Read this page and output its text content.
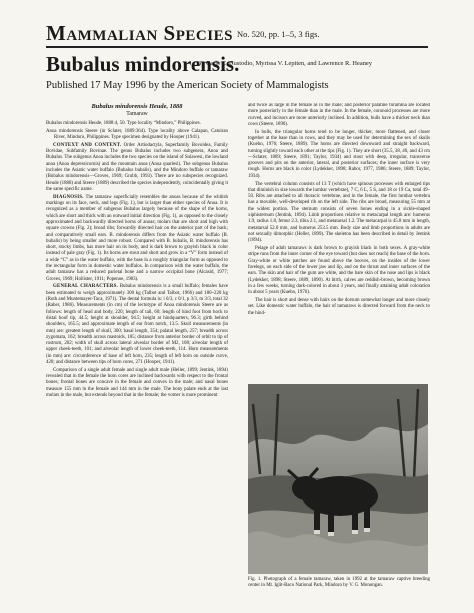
Mammalian Species No. 520, pp. 1–5, 3 figs.
Bubalus mindorensis.
By Carlo C. Custodio, Myrissa V. Lepiten, and Lawrence R. Heaney
Published 17 May 1996 by the American Society of Mammalogists
Bubalus mindorensis Heude, 1888
Tamaraw
Bubalus mindorensis Heude, 1888:4, 50. Type locality “Mindoro,” Philippines.
Anoa mindorensis Steere (in Sclater, 1889:364). Type locality above Calapan, Catuiran River, Mindoro, Philippines. Type specimen designated by Hooper (1941).

CONTEXT AND CONTENT. Order Artiodactyla, Superfamily Bovoidea, Family Bovidae, Subfamily Bovinae. The genus Bubalus includes two subgenera, Anoa and Bubalus. The subgenus Anoa includes the two species on the island of Sulawesi, the lowland anoa (Anoa depressicornis) and the mountain anoa (Anoa quarlesi). The subgenus Bubalus includes the Asiatic water buffalo (Bubalus bubalis), and the Mindoro buffalo or tamaraw (Bubalus mindorensis—Groves, 1969; Grubb, 1993). There are no subspecies recognized. Heude (1888) and Steere (1889) described the species independently, coincidentally giving it the same specific name.

DIAGNOSIS. The tamaraw superficially resembles the anoas because of the whitish markings on its face, neck, and legs (Fig. 1), but is larger than either species of Anoa. It is recognized as a member of subgenus Bubalus largely because of the shape of the horns, which are short and thick with an outward initial direction (Fig. 1), as opposed to the closely approximated and backwardly directed horns of anoas; molars that are short and high with square crowns (Fig. 2); broad ribs; forwardly directed hair on the anterior part of the back; and comparatively small ears. B. mindorensis differs from the Asiatic water buffalo (B. bubalis) by being smaller and more robust. Compared with B. bubalis, B. mindorensis has short, stocky limbs, has more hair on its body, and is dark brown to grayish black in color instead of pale gray (Fig. 1). Its horns are stout and short and grow in a “V” form instead of a wide “C” as in the water buffalo, with the base in a roughly triangular form as opposed to the rectangular form in domestic water buffalos. In comparison with the water buffalo, the adult tamaraw has a reduced parietal bone and a narrow occipital bone (Alcasid, 1977; Groves, 1969; Hollister, 1911; Popenoe, 1983).

GENERAL CHARACTERS. Bubalus mindorensis is a small buffalo; females have been estimated to weigh approximately 300 kg (Talbot and Talbot, 1966) and 180–220 kg (Roth and Muntemayer-Taca, 1971). The dental formula is: i 0/3, c 0/1, p 3/3, m 3/3, total 32 (Raber, 1986). Measurements (in cm) of the lectotype of Anoa mindorensis Steere are as follows: length of head and body, 220; length of tail, 60; length of hind foot from hock to distal hoof tip, 44.5; height at shoulder, 94.5; height at hindquarters, 96.3; girth behind shoulders, 165.5; and approximate length of ear from notch, 13.5. Skull measurements (in mm) are: greatest length of skull, 300; basal length, 354; palatal length, 257; breadth across zygomata, 162; breadth across mastoids, 185; distance from anterior border of orbit to tip of rostrum, 202; width of skull across lateral alveolar border of M2, 108; alveolar length of upper cheek-teeth, 101; and alveolar length of lower cheek-teeth, 114. Horn measurements (in mm) are: circumference of base of left horn, 235; length of left horn on outside curve, 420; and distance between tips of horn cores, 271 (Hooper, 1941).

Comparison of a single adult female and single adult male (Heller, 1899; Jentink, 1894) revealed that in the female the horn cores are inclined backwards with respect to the frontal bones; frontal bones are concave in the female and convex in the male; and nasal bones measure 155 mm in the female and 144 mm in the male. The bony palate ends at the last molars in the male, but extends beyond that in the female; the vomer is more prominent

and twice as large in the female as in the male; and posterior palatine foramina are located more posteriorly in the female than in the male. In the female, coronoid processes are more curved, and incisors are more anteriorly inclined. In addition, bulls have a thicker neck than cows (Steere, 1890).

In bulls, the triangular horns tend to be longer, thicker, more flattened, and closer together at the base than in cows, and they may be used for determining the sex of skulls (Kuehn, 1976; Steere, 1889). The horns are directed downward and straight backward, turning slightly toward each other at the tips (Fig. 1). They are short (35.5, 38, 40, and 43 cm—Sclater, 1889; Steere, 1891; Taylor, 1934) and stout with deep, irregular, transverse grooves and pits on the anterior, lateral, and posterior surfaces; the inner surface is very rough. Horns are black in color (Lydekker, 1898; Rabor, 1977, 1986; Steere, 1889; Taylor, 1934).

The vertebral column consists of 13 T (which have spinous processes with enlarged tips that diminish in size towards the lumbar vertebrae), 7 C, 6 L, 5 S, and 18 or 19 Ca, total 49–50. Ribs are attached to all thoracic vertebrae, and in the female, the first lumbar vertebra has a movable, well-developed rib on the left side. The ribs are broad, measuring 55 mm at the widest portion. The sternum consists of seven bones ending in a sickle-shaped xiphisternum (Jentink, 1894). Limb proportions relative to metacarpal length are: humerus 1.9, radius 1.8, femur 2.3, tibia 2.1, and metatarsal 1.2. The metacarpal is 45.8 mm in length, metatarsal 52.0 mm, and humerus 253.5 mm. Body size and limb proportions in adults are not sexually dimorphic (Heller, 1899). The skeleton has been described in detail by Jentink (1894).

Pelage of adult tamaraws is dark brown to grayish black in both sexes. A gray-white stripe runs from the inner corner of the eye toward (but does not reach) the base of the horn. Gray-white or white patches are found above the hooves, on the insides of the lower forelegs, on each side of the lower jaw and lip, and on the throat and inner surfaces of the ears. The skin and hair of the gum are white, and the bare skin of the nose and lips is black (Lydekker, 1898; Steere, 1889, 1890). At birth, calves are reddish-brown, becoming brown in a few weeks, turning dark-colored in about 3 years, and finally attaining adult coloration in about 5 years (Kuehn, 1976).

The hair is short and dense with hairs on the dorsum somewhat longer and more closely set. Like domestic water buffalo, the hair of tamaraws is directed forward from the neck to the hind-

Fig. 1. Photograph of a female tamaraw, taken in 1992 at the tamaraw captive breeding center in Mt. Iglit-Baco National Park, Mindoro by V. G. Monongan.
